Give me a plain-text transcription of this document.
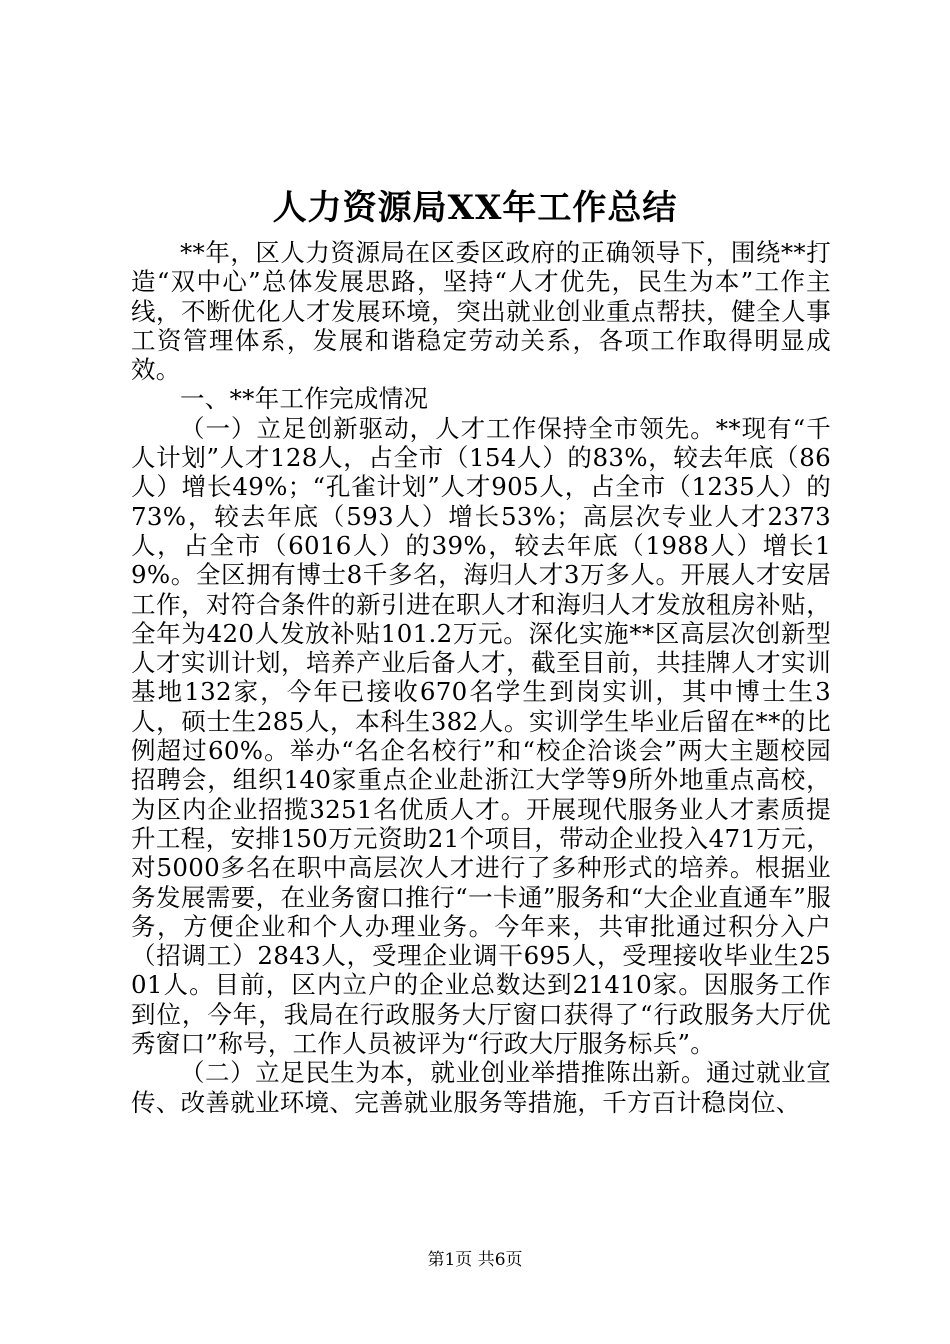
人力资源局XX年工作总结

**年，区人力资源局在区委区政府的正确领导下，围绕**打造“双中心”总体发展思路，坚持“人才优先，民生为本”工作主线，不断优化人才发展环境，突出就业创业重点帮扶，健全人事工资管理体系，发展和谐稳定劳动关系，各项工作取得明显成效。

一、**年工作完成情况

（一）立足创新驱动，人才工作保持全市领先。**现有“千人计划”人才128人，占全市（154人）的83%，较去年底（86人）增长49%；“孔雀计划”人才905人，占全市（1235人）的73%，较去年底（593人）增长53%；高层次专业人才2373人，占全市（6016人）的39%，较去年底（1988人）增长19%。全区拥有博士8千多名，海归人才3万多人。开展人才安居工作，对符合条件的新引进在职人才和海归人才发放租房补贴，全年为420人发放补贴101.2万元。深化实施**区高层次创新型人才实训计划，培养产业后备人才，截至目前，共挂牌人才实训基地132家，今年已接收670名学生到岗实训，其中博士生3人，硕士生285人，本科生382人。实训学生毕业后留在**的比例超过60%。举办“名企名校行”和“校企洽谈会”两大主题校园招聘会，组织140家重点企业赴浙江大学等9所外地重点高校，为区内企业招揽3251名优质人才。开展现代服务业人才素质提升工程，安排150万元资助21个项目，带动企业投入471万元，对5000多名在职中高层次人才进行了多种形式的培养。根据业务发展需要，在业务窗口推行“一卡通”服务和“大企业直通车”服务，方便企业和个人办理业务。今年来，共审批通过积分入户（招调工）2843人，受理企业调干695人，受理接收毕业生2501人。目前，区内立户的企业总数达到21410家。因服务工作到位，今年，我局在行政服务大厅窗口获得了“行政服务大厅优秀窗口”称号，工作人员被评为“行政大厅服务标兵”。

（二）立足民生为本，就业创业举措推陈出新。通过就业宣传、改善就业环境、完善就业服务等措施，千方百计稳岗位、

第1页 共6页
